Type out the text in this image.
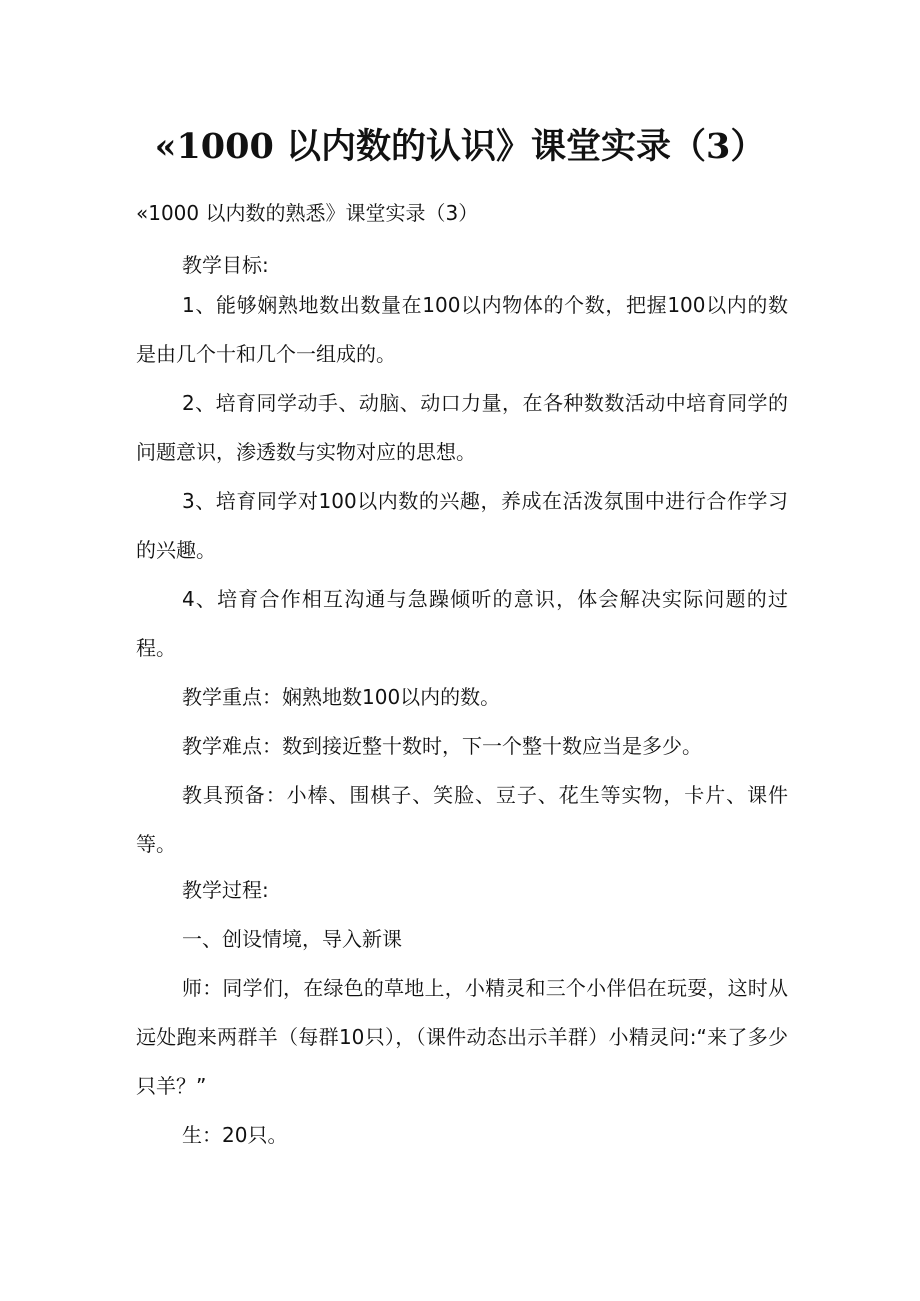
«1000 以内数的认识》课堂实录（3）

«1000 以内数的熟悉》课堂实录（3）

教学目标:

1、能够娴熟地数出数量在100以内物体的个数，把握100以内的数是由几个十和几个一组成的。

2、培育同学动手、动脑、动口力量，在各种数数活动中培育同学的问题意识，渗透数与实物对应的思想。

3、培育同学对100以内数的兴趣，养成在活泼氛围中进行合作学习的兴趣。

4、培育合作相互沟通与急躁倾听的意识，体会解决实际问题的过程。

教学重点：娴熟地数100以内的数。

教学难点：数到接近整十数时，下一个整十数应当是多少。

教具预备：小棒、围棋子、笑脸、豆子、花生等实物，卡片、课件等。

教学过程:

一、创设情境，导入新课

师：同学们，在绿色的草地上，小精灵和三个小伴侣在玩耍，这时从远处跑来两群羊（每群10只），（课件动态出示羊群）小精灵问:“来了多少只羊？”

生：20只。
